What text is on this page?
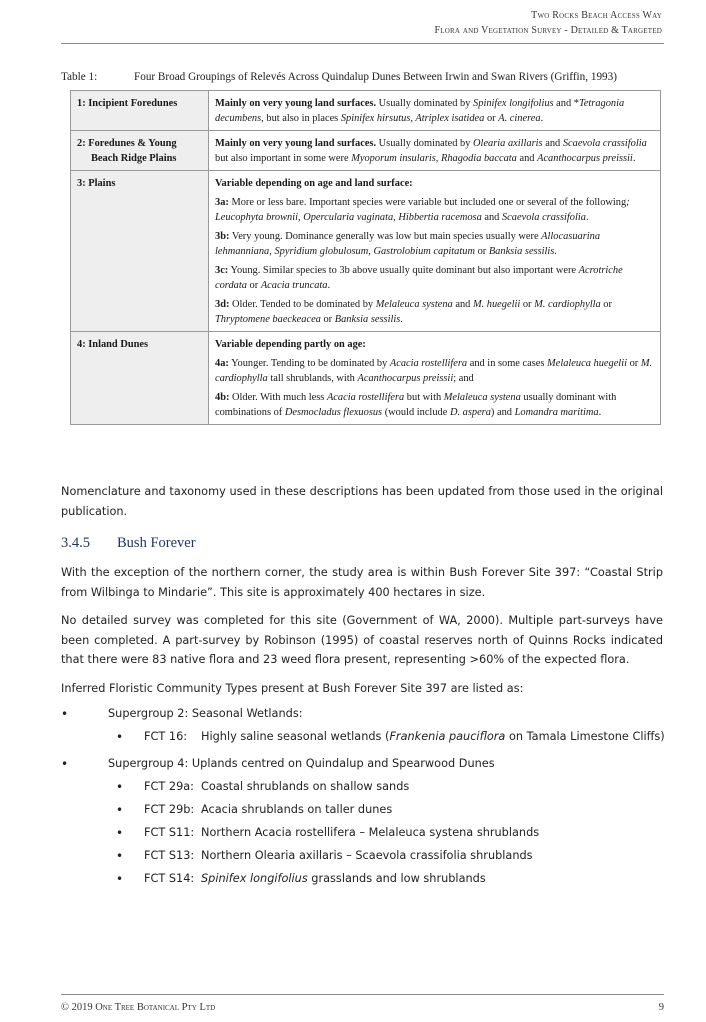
Two Rocks Beach Access Way
Flora and Vegetation Survey - Detailed & Targeted
Table 1:	Four Broad Groupings of Relevés Across Quindalup Dunes Between Irwin and Swan Rivers (Griffin, 1993)
1: Incipient Foredunes	Mainly on very young land surfaces. Usually dominated by Spinifex longifolius and *Tetragonia decumbens, but also in places Spinifex hirsutus, Atriplex isatidea or A. cinerea.

2: Foredunes & Young Beach Ridge Plains	Mainly on very young land surfaces. Usually dominated by Olearia axillaris and Scaevola crassifolia but also important in some were Myoporum insularis, Rhagodia baccata and Acanthocarpus preissii.

3: Plains	Variable depending on age and land surface:
3a: More or less bare. Important species were variable but included one or several of the following; Leucophyta brownii, Opercularia vaginata, Hibbertia racemosa and Scaevola crassifolia.
3b: Very young. Dominance generally was low but main species usually were Allocasuarina lehmanniana, Spyridium globulosum, Gastrolobium capitatum or Banksia sessilis.
3c: Young. Similar species to 3b above usually quite dominant but also important were Acrotriche cordata or Acacia truncata.
3d: Older. Tended to be dominated by Melaleuca systena and M. huegelii or M. cardiophylla or Thryptomene baeckeacea or Banksia sessilis.

4: Inland Dunes	Variable depending partly on age:
4a: Younger. Tending to be dominated by Acacia rostellifera and in some cases Melaleuca huegelii or M. cardiophylla tall shrublands, with Acanthocarpus preissii; and
4b: Older. With much less Acacia rostellifera but with Melaleuca systena usually dominant with combinations of Desmocladus flexuosus (would include D. aspera) and Lomandra maritima.
Nomenclature and taxonomy used in these descriptions has been updated from those used in the original publication.
3.4.5 Bush Forever
With the exception of the northern corner, the study area is within Bush Forever Site 397: “Coastal Strip from Wilbinga to Mindarie”. This site is approximately 400 hectares in size.
No detailed survey was completed for this site (Government of WA, 2000). Multiple part-surveys have been completed. A part-survey by Robinson (1995) of coastal reserves north of Quinns Rocks indicated that there were 83 native flora and 23 weed flora present, representing >60% of the expected flora.
Inferred Floristic Community Types present at Bush Forever Site 397 are listed as:
•	Supergroup 2: Seasonal Wetlands:
• FCT 16: Highly saline seasonal wetlands (Frankenia pauciflora on Tamala Limestone Cliffs)
•	Supergroup 4: Uplands centred on Quindalup and Spearwood Dunes
• FCT 29a: Coastal shrublands on shallow sands
• FCT 29b: Acacia shrublands on taller dunes
• FCT S11: Northern Acacia rostellifera – Melaleuca systena shrublands
• FCT S13: Northern Olearia axillaris – Scaevola crassifolia shrublands
• FCT S14: Spinifex longifolius grasslands and low shrublands
© 2019 One Tree Botanical Pty Ltd	9
